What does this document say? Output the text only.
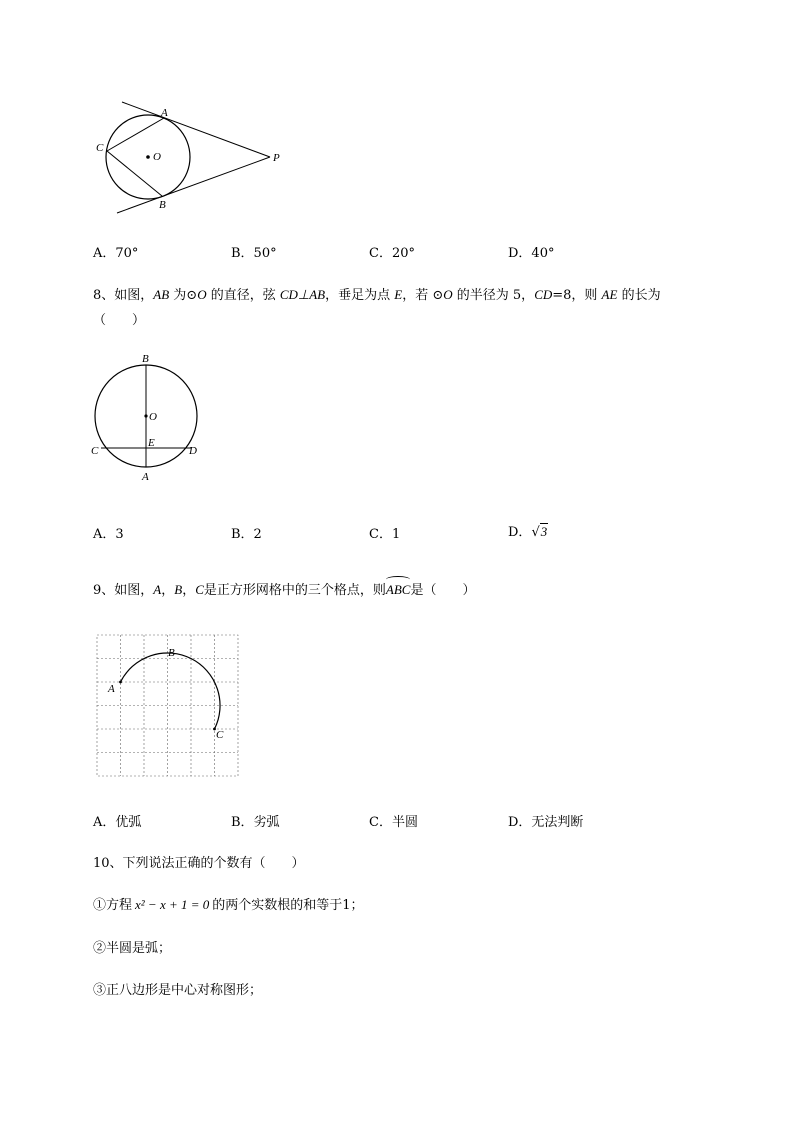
A
B
C
O	P
A．70°	B．50°	C．20°	D．40°
8、如图，AB 为⊙O 的直径，弦 CD⊥AB，垂足为点 E，若 ⊙O 的半径为 5，CD=8，则 AE 的长为
（　　）
B
O
E
C	D
A
A．3	B．2	C．1	D．√3
9、如图，A，B，C是正方形网格中的三个格点，则
ABC是（　　）
A
B
C
A．优弧	B．劣弧	C．半圆	D．无法判断
10、下列说法正确的个数有（　　）
①方程 x² − x + 1 = 0 的两个实数根的和等于1；
②半圆是弧；
③正八边形是中心对称图形；
